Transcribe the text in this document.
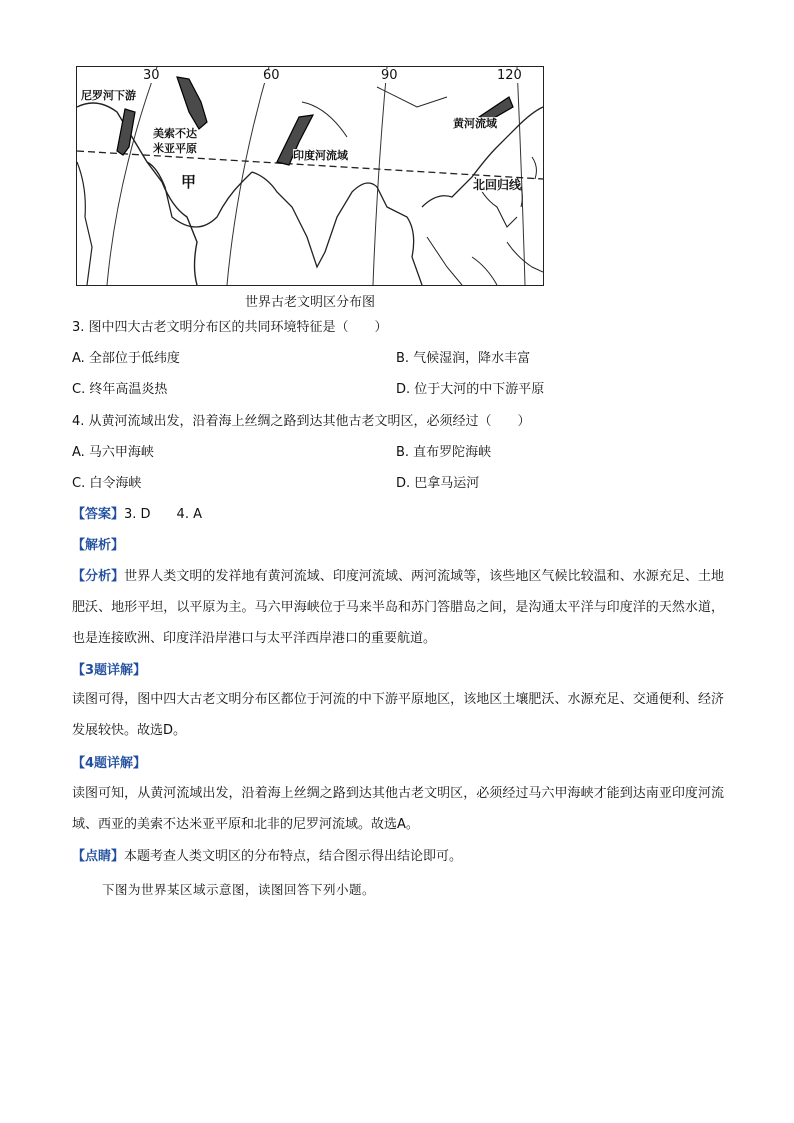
30	60	90	120
尼罗河下游
美索不达
米亚平原
印度河流域
黄河流域
北回归线
甲
世界古老文明区分布图
3. 图中四大古老文明分布区的共同环境特征是（　　）
A. 全部位于低纬度	B. 气候湿润，降水丰富
C. 终年高温炎热	D. 位于大河的中下游平原
4. 从黄河流域出发，沿着海上丝绸之路到达其他古老文明区，必须经过（　　）
A. 马六甲海峡	B. 直布罗陀海峡
C. 白令海峡	D. 巴拿马运河
【答案】3. D　　4. A
【解析】
【分析】世界人类文明的发祥地有黄河流域、印度河流域、两河流域等，该些地区气候比较温和、水源充足、土地肥沃、地形平坦，以平原为主。马六甲海峡位于马来半岛和苏门答腊岛之间，是沟通太平洋与印度洋的天然水道，也是连接欧洲、印度洋沿岸港口与太平洋西岸港口的重要航道。
【3题详解】
读图可得，图中四大古老文明分布区都位于河流的中下游平原地区，该地区土壤肥沃、水源充足、交通便利、经济发展较快。故选D。
【4题详解】
读图可知，从黄河流域出发，沿着海上丝绸之路到达其他古老文明区，必须经过马六甲海峡才能到达南亚印度河流域、西亚的美索不达米亚平原和北非的尼罗河流域。故选A。
【点睛】本题考查人类文明区的分布特点，结合图示得出结论即可。
下图为世界某区域示意图，读图回答下列小题。
